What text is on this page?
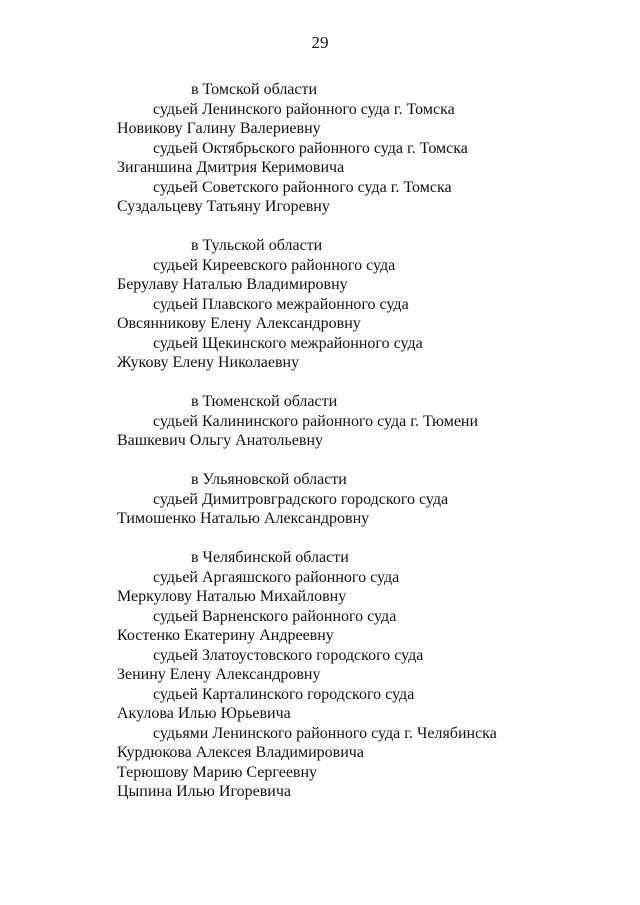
29
в Томской области
судьей Ленинского районного суда г. Томска
Новикову Галину Валериевну
судьей Октябрьского районного суда г. Томска
Зиганшина Дмитрия Керимовича
судьей Советского районного суда г. Томска
Суздальцеву Татьяну Игоревну
в Тульской области
судьей Киреевского районного суда
Берулаву Наталью Владимировну
судьей Плавского межрайонного суда
Овсянникову Елену Александровну
судьей Щекинского межрайонного суда
Жукову Елену Николаевну
в Тюменской области
судьей Калининского районного суда г. Тюмени
Вашкевич Ольгу Анатольевну
в Ульяновской области
судьей Димитровградского городского суда
Тимошенко Наталью Александровну
в Челябинской области
судьей Аргаяшского районного суда
Меркулову Наталью Михайловну
судьей Варненского районного суда
Костенко Екатерину Андреевну
судьей Златоустовского городского суда
Зенину Елену Александровну
судьей Карталинского городского суда
Акулова Илью Юрьевича
судьями Ленинского районного суда г. Челябинска
Курдюкова Алексея Владимировича
Терюшову Марию Сергеевну
Цыпина Илью Игоревича
